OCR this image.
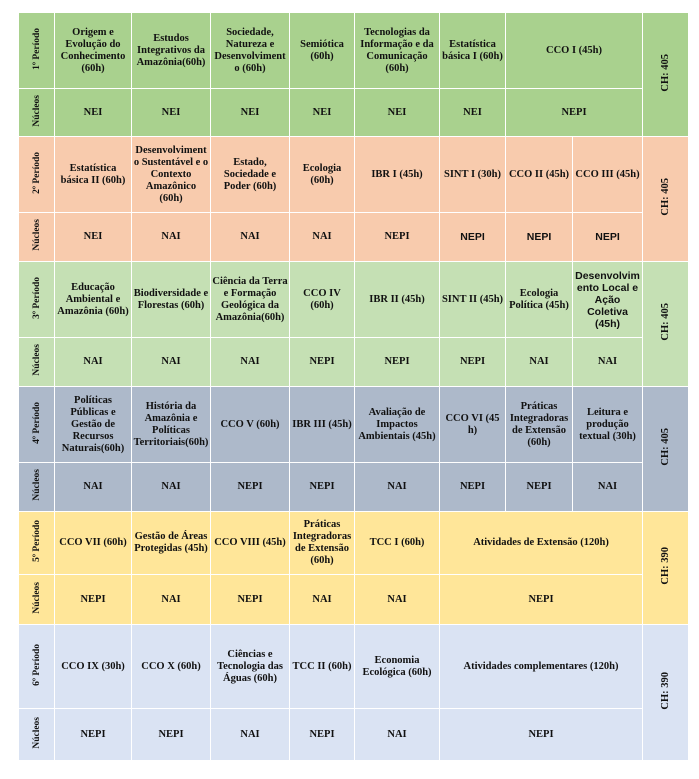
1º Período	Origem e Evolução do Conhecimento (60h)	Estudos Integrativos da Amazônia(60h)	Sociedade, Natureza e Desenvolvimento (60h)	Semiótica (60h)	Tecnologias da Informação e da Comunicação (60h)	Estatística básica I (60h)	CCO I (45h)		CH: 405
Núcleos	NEI	NEI	NEI	NEI	NEI	NEI	NEPI		
2º Período	Estatística básica II (60h)	Desenvolvimento Sustentável e o Contexto Amazônico (60h)	Estado, Sociedade e Poder (60h)	Ecologia (60h)	IBR I (45h)	SINT I (30h)	CCO II (45h)	CCO III (45h)	CH: 405
Núcleos	NEI	NAI	NAI	NAI	NEPI	NEPI	NEPI	NEPI	
3º Período	Educação Ambiental e Amazônia (60h)	Biodiversidade e Florestas (60h)	Ciência da Terra e Formação Geológica da Amazônia(60h)	CCO IV (60h)	IBR II (45h)	SINT II (45h)	Ecologia Política (45h)	Desenvolvimento Local e Ação Coletiva (45h)	CH: 405
Núcleos	NAI	NAI	NAI	NEPI	NEPI	NEPI	NAI	NAI	
4º Período	Políticas Públicas e Gestão de Recursos Naturais(60h)	História da Amazônia e Políticas Territoriais(60h)	CCO V (60h)	IBR III (45h)	Avaliação de Impactos Ambientais (45h)	CCO VI (45 h)	Práticas Integradoras de Extensão (60h)	Leitura e produção textual (30h)	CH: 405
Núcleos	NAI	NAI	NEPI	NEPI	NAI	NEPI	NEPI	NAI	
5º Período	CCO VII (60h)	Gestão de Áreas Protegidas (45h)	CCO VIII (45h)	Práticas Integradoras de Extensão (60h)	TCC I (60h)	Atividades de Extensão (120h)			CH: 390
Núcleos	NEPI	NAI	NEPI	NAI	NAI	NEPI			
6º Período	CCO IX (30h)	CCO X (60h)	Ciências e Tecnologia das Águas (60h)	TCC II (60h)	Economia Ecológica (60h)	Atividades complementares (120h)			CH: 390
Núcleos	NEPI	NEPI	NAI	NEPI	NAI	NEPI			
